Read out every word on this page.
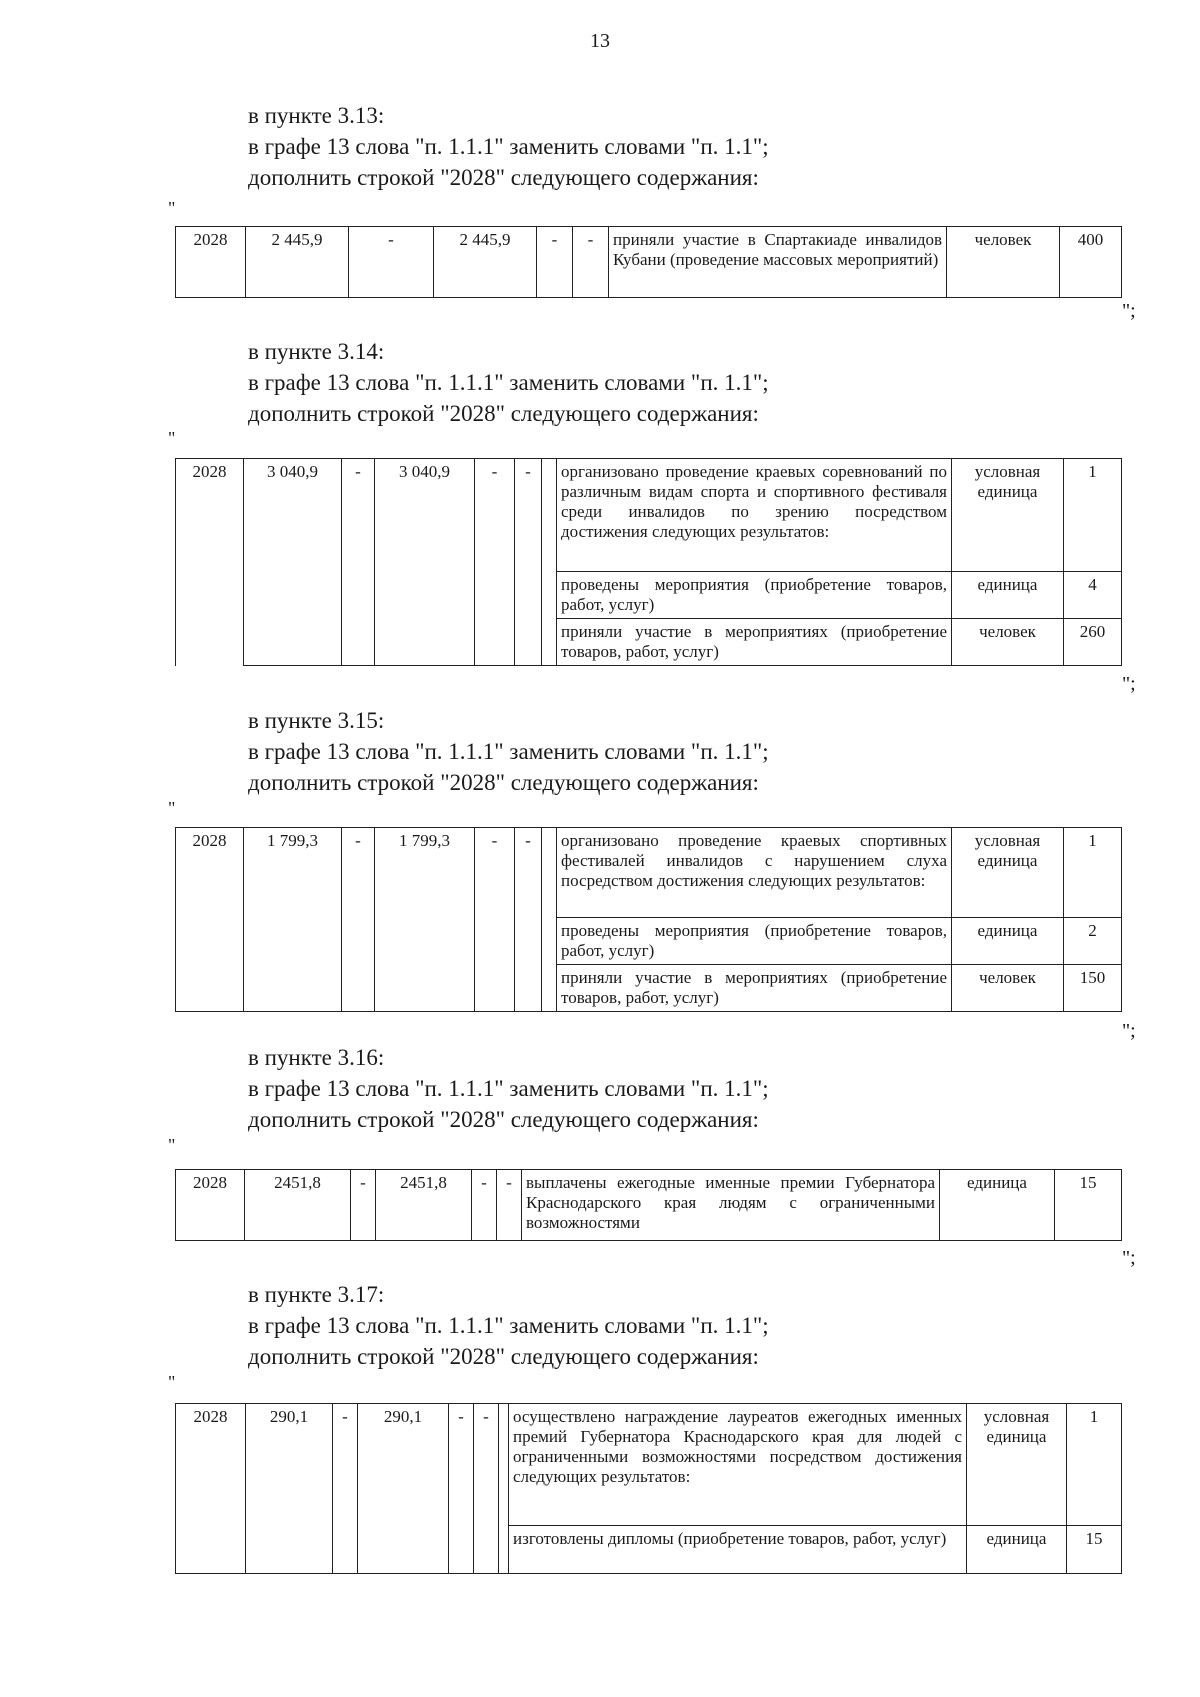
13
в пункте 3.13:
в графе 13 слова "п. 1.1.1" заменить словами "п. 1.1";
дополнить строкой "2028" следующего содержания:
"
2028	2 445,9	-	2 445,9	-	-	приняли участие в Спартакиаде инвалидов Кубани (проведение массовых мероприятий)	человек	400
";
в пункте 3.14:
в графе 13 слова "п. 1.1.1" заменить словами "п. 1.1";
дополнить строкой "2028" следующего содержания:
"
2028	3 040,9	-	3 040,9	-	-		организовано проведение краевых соревнований по различным видам спорта и спортивного фестиваля среди инвалидов по зрению посредством достижения следующих результатов:	условная единица	1
							проведены мероприятия (приобретение товаров, работ, услуг)	единица	4
							приняли участие в мероприятиях (приобретение товаров, работ, услуг)	человек	260
";
в пункте 3.15:
в графе 13 слова "п. 1.1.1" заменить словами "п. 1.1";
дополнить строкой "2028" следующего содержания:
"
2028	1 799,3	-	1 799,3	-	-		организовано проведение краевых спортивных фестивалей инвалидов с нарушением слуха посредством достижения следующих результатов:	условная единица	1
							проведены мероприятия (приобретение товаров, работ, услуг)	единица	2
							приняли участие в мероприятиях (приобретение товаров, работ, услуг)	человек	150
";
в пункте 3.16:
в графе 13 слова "п. 1.1.1" заменить словами "п. 1.1";
дополнить строкой "2028" следующего содержания:
"
2028	2451,8	-	2451,8	-	-	выплачены ежегодные именные премии Губернатора Краснодарского края людям с ограниченными возможностями	единица	15
";
в пункте 3.17:
в графе 13 слова "п. 1.1.1" заменить словами "п. 1.1";
дополнить строкой "2028" следующего содержания:
"
2028	290,1	-	290,1	-	-		осуществлено награждение лауреатов ежегодных именных премий Губернатора Краснодарского края для людей с ограниченными возможностями посредством достижения следующих результатов:	условная единица	1
							изготовлены дипломы (приобретение товаров, работ, услуг)	единица	15
